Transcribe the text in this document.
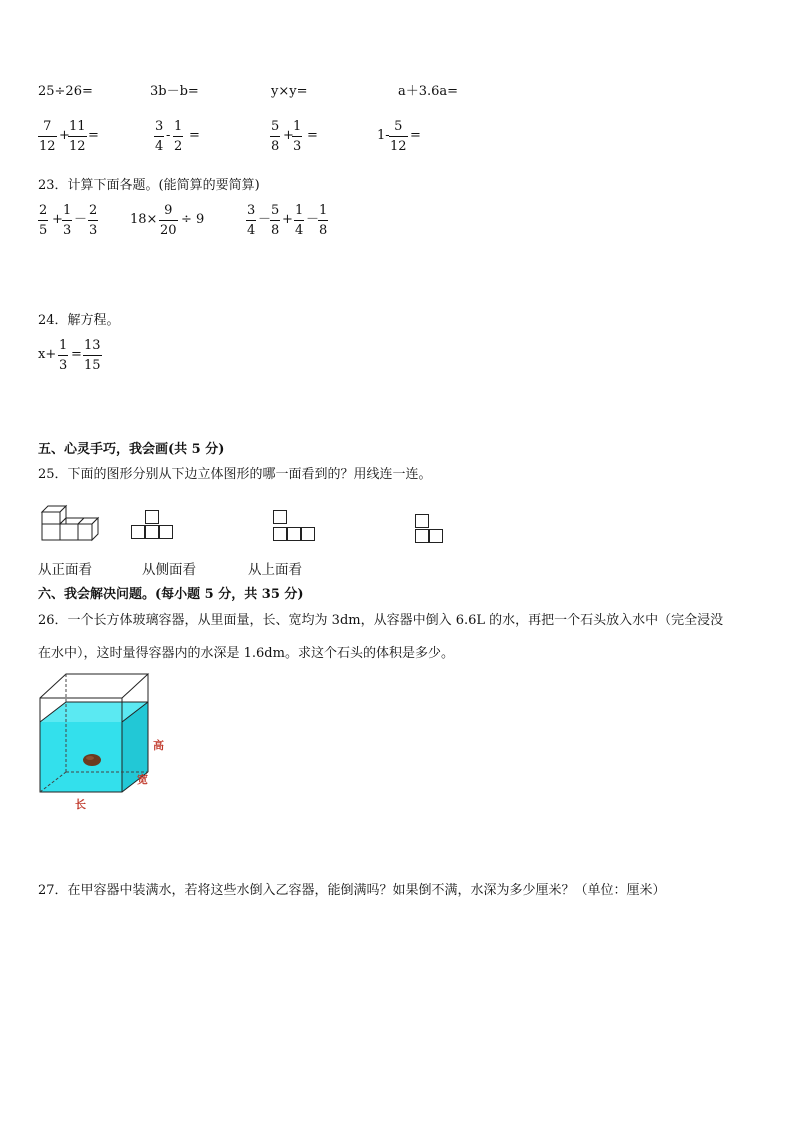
25÷26=	3b－b=	y×y=	a＋3.6a=
$\frac{7}{12}$ +
$\frac{11}{12}$ =	$\frac{3}{4} - \frac{1}{2}$ =	$\frac{5}{8}$ +
$\frac{1}{3}$ =	$1- \frac{5}{12}$ =
23．计算下面各题。(能简算的要简算)
$\frac{2}{5} + \frac{1}{3} - \frac{2}{3} 18\times \frac{9}{20} \div 9$	$\frac{3}{4}$ －
$\frac{5}{8} + \frac{1}{4}$ －
$\frac{1}{8}$
24．解方程。
$x+ \frac{1}{3} = \frac{13}{15}$
五、心灵手巧，我会画(共 5 分)
25．下面的图形分别从下边立体图形的哪一面看到的？用线连一连。
从正面看	从侧面看	从上面看
六、我会解决问题。(每小题 5 分，共 35 分)
26．一个长方体玻璃容器，从里面量，长、宽均为 3dm，从容器中倒入 6.6L 的水，再把一个石头放入水中（完全浸没
在水中），这时量得容器内的水深是 1.6dm。求这个石头的体积是多少。
高
宽
长
27．在甲容器中装满水，若将这些水倒入乙容器，能倒满吗？如果倒不满，水深为多少厘米？（单位：厘米）
